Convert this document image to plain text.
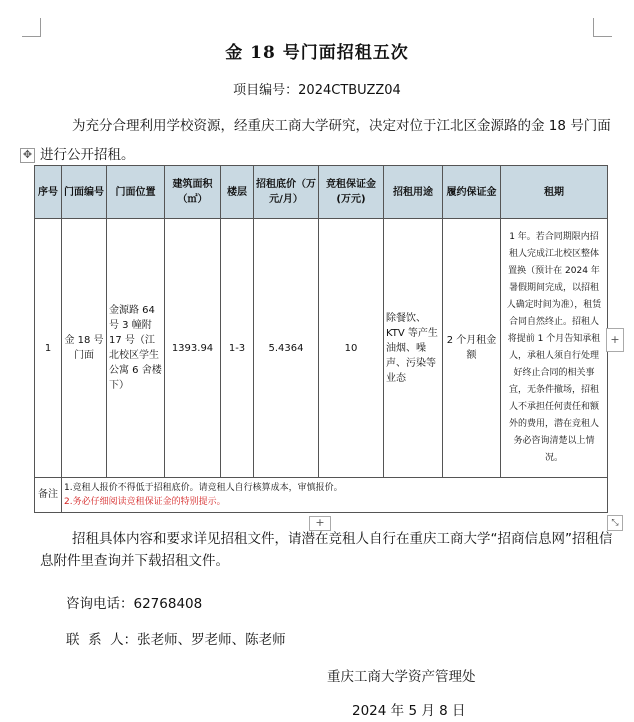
金 18 号门面招租五次
项目编号：2024CTBUZZ04
为充分合理利用学校资源，经重庆工商大学研究，决定对位于江北区金源路的金 18 号门面进行公开招租。
✥
序号	门面编号	门面位置	建筑面积（㎡）	楼层	招租底价（万元/月）	竞租保证金(万元)	招租用途	履约保证金	租期
1	金 18 号门面	金源路 64 号 3 幢附 17 号（江北校区学生公寓 6 舍楼下）	1393.94	1-3	5.4364	10	除餐饮、KTV 等产生油烟、噪声、污染等业态	2 个月租金额	1 年。若合同期限内招租人完成江北校区整体置换（预计在 2024 年暑假期间完成，以招租人确定时间为准），租赁合同自然终止。招租人将提前 1 个月告知承租人，承租人须自行处理好终止合同的相关事宜，无条件撤场，招租人不承担任何责任和额外的费用，潜在竞租人务必咨询清楚以上情况。
备注	1.竞租人报价不得低于招租底价。请竞租人自行核算成本，审慎报价。
2.务必仔细阅读竞租保证金的特别提示。								
+
+	⤡
招租具体内容和要求详见招租文件，请潜在竞租人自行在重庆工商大学“招商信息网”招租信息附件里查询并下载招租文件。
咨询电话：62768408
联  系  人：张老师、罗老师、陈老师
重庆工商大学资产管理处
2024 年 5 月 8 日
